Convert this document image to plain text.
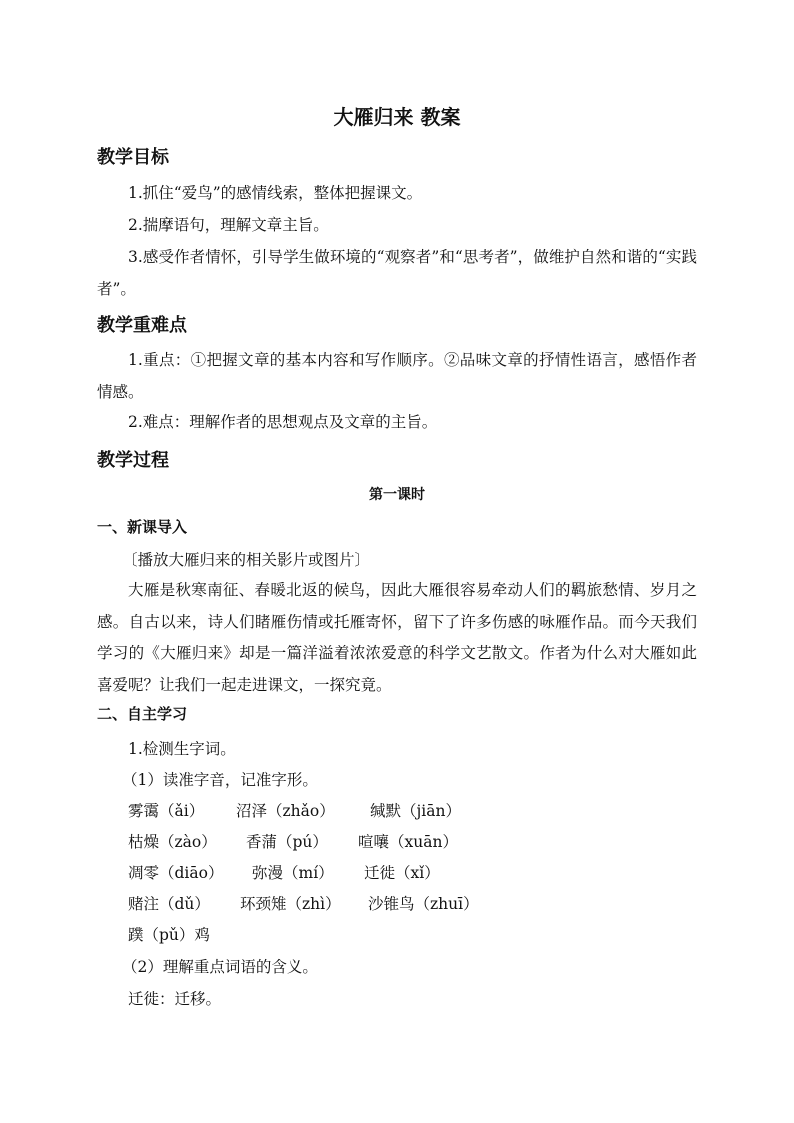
大雁归来 教案
教学目标
1.抓住“爱鸟”的感情线索，整体把握课文。
2.揣摩语句，理解文章主旨。
3.感受作者情怀，引导学生做环境的“观察者”和“思考者”，做维护自然和谐的“实践者”。
教学重难点
1.重点：①把握文章的基本内容和写作顺序。②品味文章的抒情性语言，感悟作者情感。
2.难点：理解作者的思想观点及文章的主旨。
教学过程
第一课时
一、新课导入
〔播放大雁归来的相关影片或图片〕
大雁是秋寒南征、春暖北返的候鸟，因此大雁很容易牵动人们的羁旅愁情、岁月之感。自古以来，诗人们睹雁伤情或托雁寄怀，留下了许多伤感的咏雁作品。而今天我们学习的《大雁归来》却是一篇洋溢着浓浓爱意的科学文艺散文。作者为什么对大雁如此喜爱呢？让我们一起走进课文，一探究竟。
二、自主学习
1.检测生字词。
（1）读准字音，记准字形。
雾霭（ǎi） 沼泽（zhǎo） 缄默（jiān）
枯燥（zào） 香蒲（pú） 喧嚷（xuān）
凋零（diāo） 弥漫（mí） 迁徙（xǐ）
赌注（dǔ） 环颈雉（zhì） 沙锥鸟（zhuī）
蹼（pǔ）鸡
（2）理解重点词语的含义。
迁徙：迁移。
